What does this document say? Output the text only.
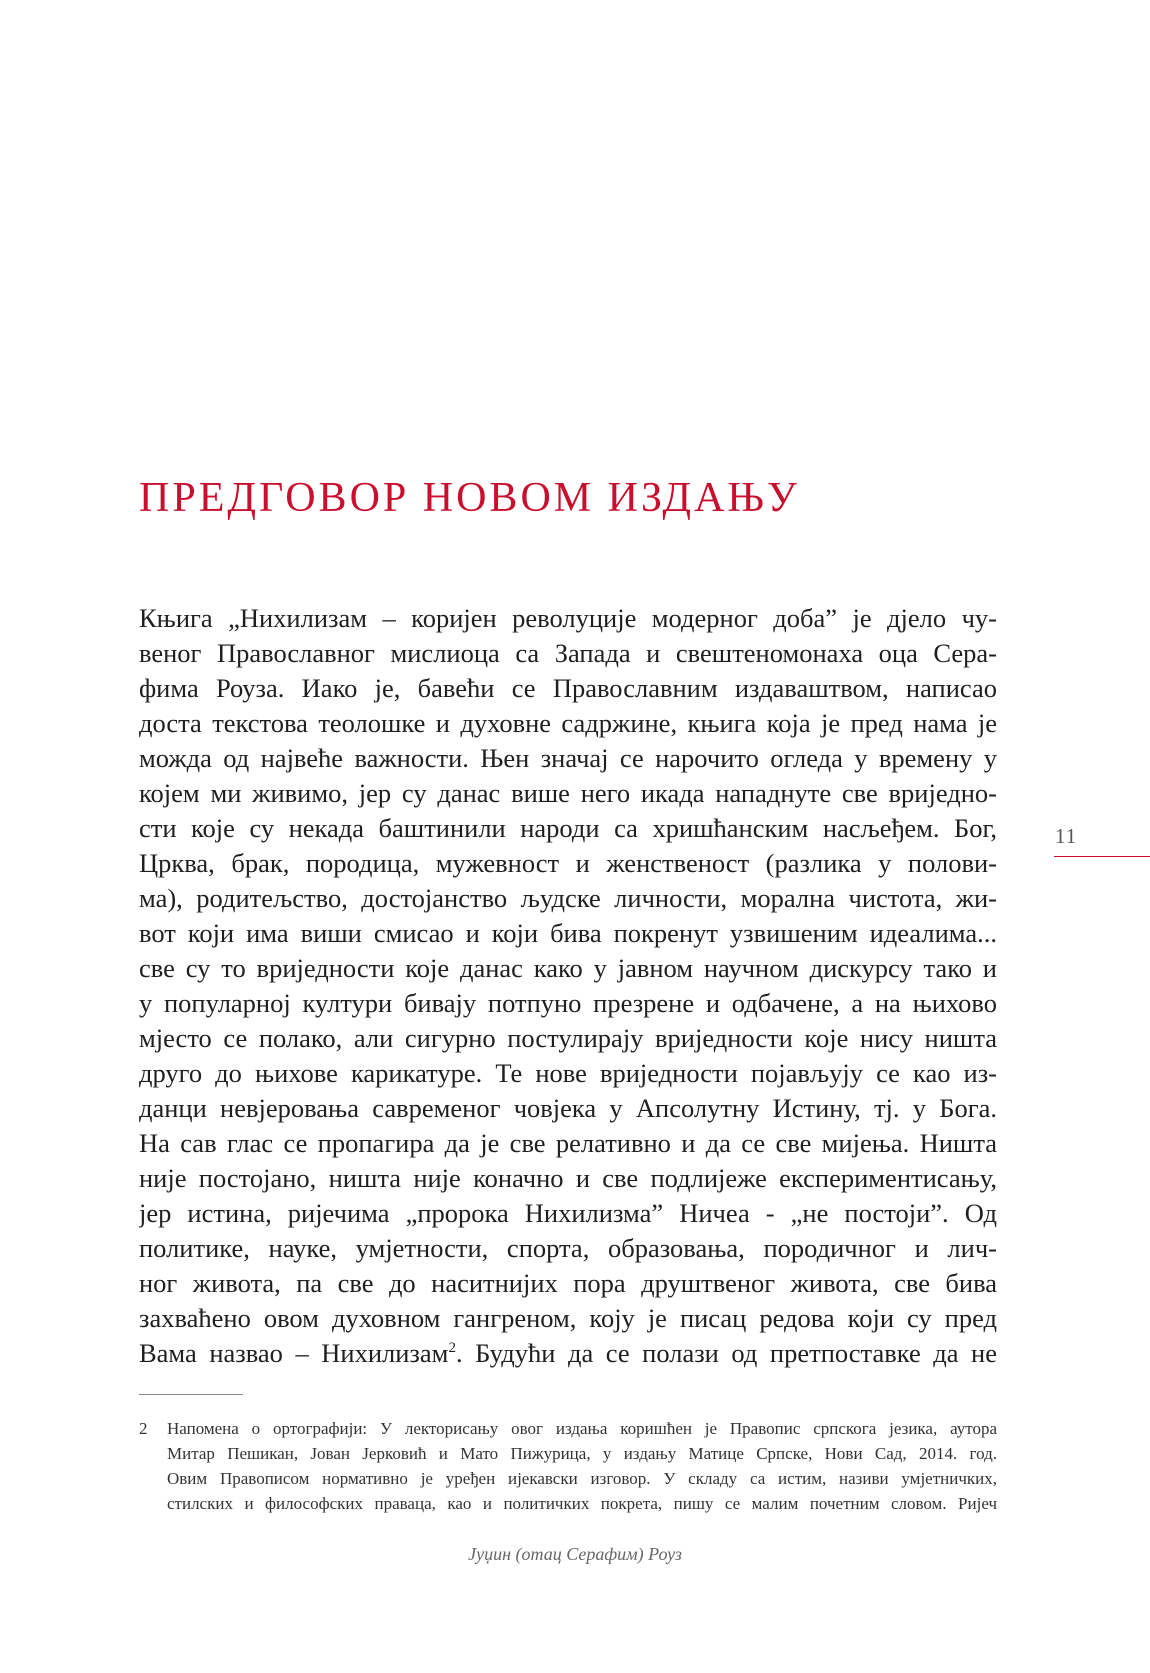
ПРЕДГОВОР НОВОМ ИЗДАЊУ
Књига „Нихилизам – коријен револуције модерног доба” је дјело чу-
веног Православног мислиоца са Запада и свештеномонаха оца Сера-
фима Роуза. Иако је, бавећи се Православним издаваштвом, написао
доста текстова теолошке и духовне садржине, књига која је пред нама је
можда од највеће важности. Њен значај се нарочито огледа у времену у
којем ми живимо, јер су данас више него икада нападнуте све вриједно-
сти које су некада баштинили народи са хришћанским насљеђем. Бог,
Црква, брак, породица, мужевност и женственост (разлика у полови-
ма), родитељство, достојанство људске личности, морална чистота, жи-
вот који има виши смисао и који бива покренут узвишеним идеалима...
све су то вриједности које данас како у јавном научном дискурсу тако и
у популарној култури бивају потпуно презрене и одбачене, а на њихово
мјесто се полако, али сигурно постулирају вриједности које нису ништа
друго до њихове карикатуре. Те нове вриједности појављују се као из-
данци невјеровања савременог човјека у Апсолутну Истину, тј. у Бога.
На сав глас се пропагира да је све релативно и да се све мијења. Ништа
није постојано, ништа није коначно и све подлијеже експериментисању,
јер истина, ријечима „пророка Нихилизма” Ничеа - „не постоји”. Од
политике, науке, умјетности, спорта, образовања, породичног и лич-
ног живота, па све до наситнијих пора друштвеног живота, све бива
захваћено овом духовном гангреном, коју је писац редова који су пред
Вама назвао – Нихилизам$^2$. Будући да се полази од претпоставке да не
11
2 Напомена о ортографији: У лекторисању овог издања коришћен је Правопис српскога језика, аутора
Митар Пешикан, Јован Јерковић и Мато Пижурица, у издању Матице Српске, Нови Сад, 2014. год.
Овим Правописом нормативно је уређен ијекавски изговор. У складу са истим, називи умјетничких,
стилских и философских праваца, као и политичких покрета, пишу се малим почетним словом. Ријеч
Јуџин (отац Серафим) Роуз
